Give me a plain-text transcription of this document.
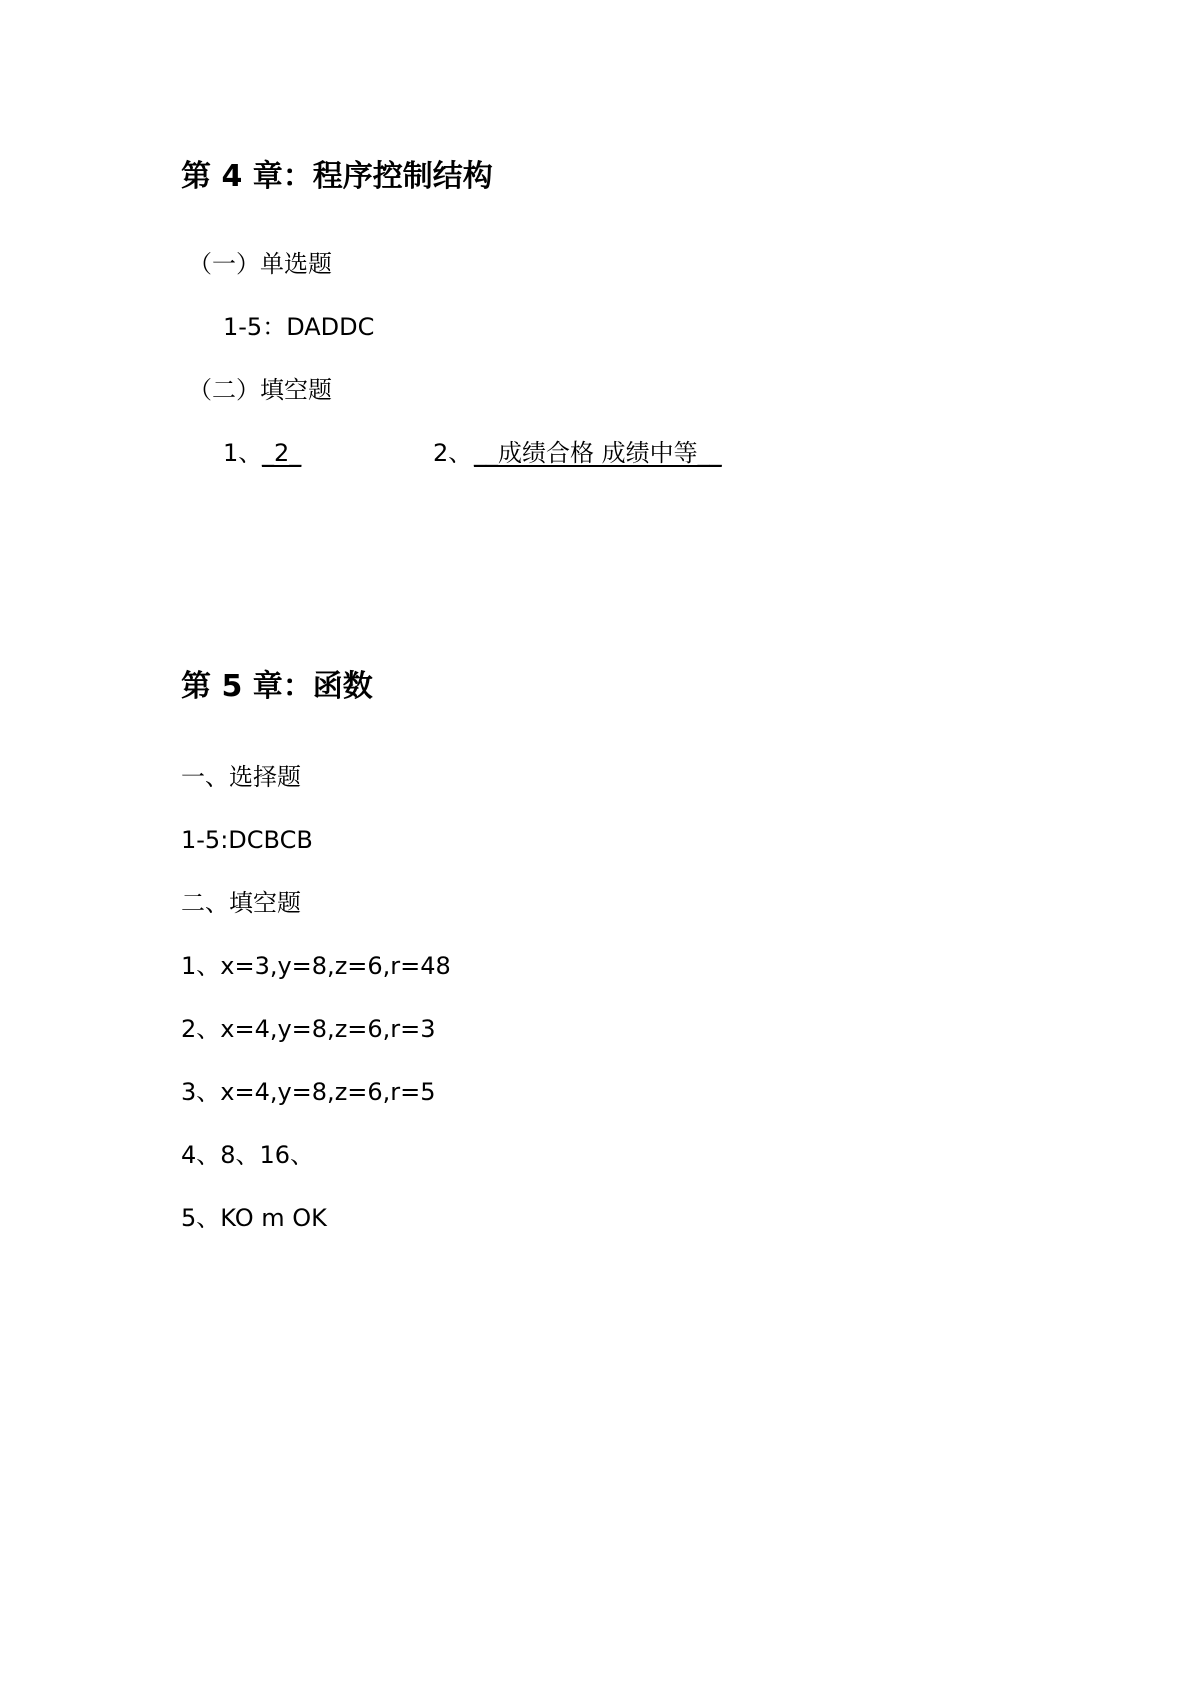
第 4 章：程序控制结构
（一）单选题
1-5：DADDC
（二）填空题
1、 _2_	2、 __成绩合格 成绩中等__
第 5 章：函数
一、选择题
1-5:DCBCB
二、填空题
1、x=3,y=8,z=6,r=48
2、x=4,y=8,z=6,r=3
3、x=4,y=8,z=6,r=5
4、8、16、
5、KO m OK
